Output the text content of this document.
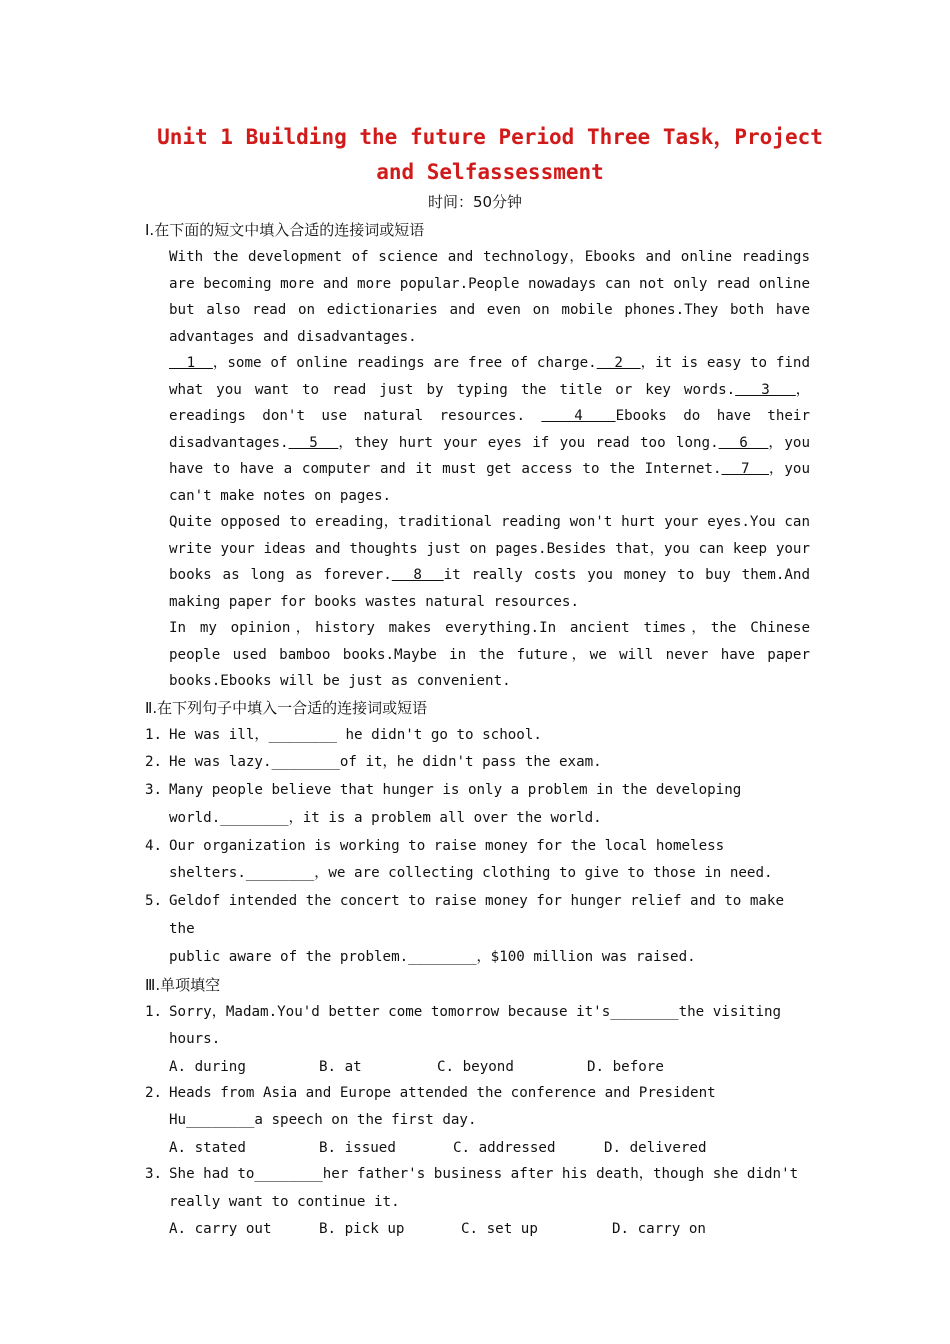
Unit 1 Building the future Period Three Task，Project and Selfassessment
时间：50分钟
Ⅰ.在下面的短文中填入合适的连接词或短语

With the development of science and technology，Ebooks and online readings are becoming more and more popular.People nowadays can not only read online but also read on edictionaries and even on mobile phones.They both have advantages and disadvantages.

1  ，some of online readings are free of charge.  2  ，it is easy to find what you want to read just by typing the title or key words.  3  ，ereadings don't use natural resources.   4  Ebooks do have their disadvantages.  5  ，they hurt your eyes if you read too long.  6  ，you have to have a computer and it must get access to the Internet.  7  ，you can't make notes on pages.

Quite opposed to ereading，traditional reading won't hurt your eyes.You can write your ideas and thoughts just on pages.Besides that，you can keep your books as long as forever.  8  it really costs you money to buy them.And making paper for books wastes natural resources.

In my opinion，history makes everything.In ancient times，the Chinese people used bamboo books.Maybe in the future，we will never have paper books.Ebooks will be just as convenient.

Ⅱ.在下列句子中填入一合适的连接词或短语
1. He was ill，________ he didn't go to school.
2. He was lazy.________of it，he didn't pass the exam.
3. Many people believe that hunger is only a problem in the developing
world.________，it is a problem all over the world.
4. Our organization is working to raise money for the local homeless
shelters.________，we are collecting clothing to give to those in need.
5. Geldof intended the concert to raise money for hunger relief and to make the
public aware of the problem.________，$100 million was raised.
Ⅲ.单项填空
1. Sorry，Madam.You'd better come tomorrow because it's________the visiting
hours.
A. during	B. at	C. beyond	D. before
2. Heads from Asia and Europe attended the conference and President
Hu________a speech on the first day.
A. stated	B. issued	C. addressed	D. delivered
3. She had to________her father's business after his death，though she didn't
really want to continue it.
A. carry out	B. pick up	C. set up	D. carry on
